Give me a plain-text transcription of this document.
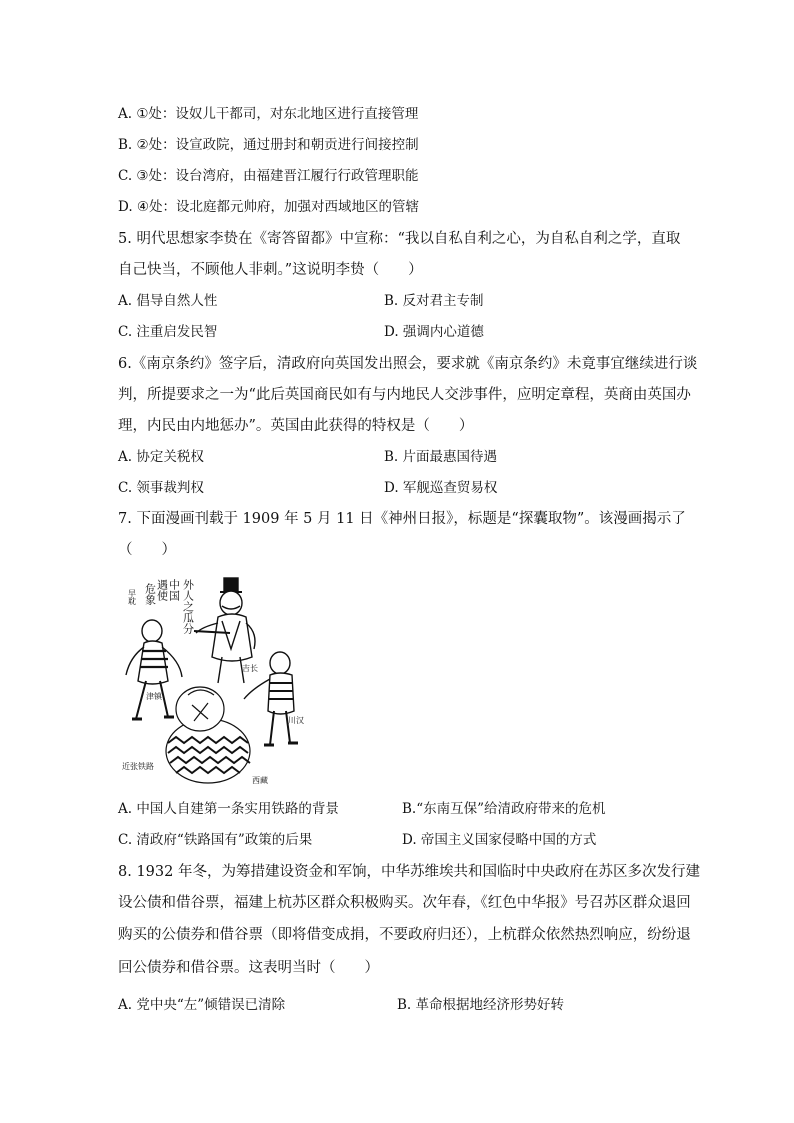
A. ①处：设奴儿干都司，对东北地区进行直接管理
B. ②处：设宣政院，通过册封和朝贡进行间接控制
C. ③处：设台湾府，由福建晋江履行行政管理职能
D. ④处：设北庭都元帅府，加强对西域地区的管辖
5. 明代思想家李贽在《寄答留都》中宣称：“我以自私自利之心，为自私自利之学，直取
自己快当，不顾他人非刺。”这说明李贽（　　）
A. 倡导自然人性	B. 反对君主专制
C. 注重启发民智	D. 强调内心道德
6.《南京条约》签字后，清政府向英国发出照会，要求就《南京条约》未竟事宜继续进行谈
判，所提要求之一为“此后英国商民如有与内地民人交涉事件，应明定章程，英商由英国办
理，内民由内地惩办”。英国由此获得的特权是（　　）
A. 协定关税权	B. 片面最惠国待遇
C. 领事裁判权	D. 军舰巡查贸易权
7. 下面漫画刊载于 1909 年 5 月 11 日《神州日报》，标题是“探囊取物”。该漫画揭示了
（　　）
外人之瓜分
中国
遇使
危象
早耽
津镇
吉长
近张铁路
西藏
川汉
A. 中国人自建第一条实用铁路的背景	B.“东南互保”给清政府带来的危机
C. 清政府“铁路国有”政策的后果	D. 帝国主义国家侵略中国的方式
8. 1932 年冬，为筹措建设资金和军饷，中华苏维埃共和国临时中央政府在苏区多次发行建
设公债和借谷票，福建上杭苏区群众积极购买。次年春，《红色中华报》号召苏区群众退回
购买的公债券和借谷票（即将借变成捐，不要政府归还），上杭群众依然热烈响应，纷纷退
回公债券和借谷票。这表明当时（　　）
A. 党中央“左”倾错误已清除	B. 革命根据地经济形势好转
